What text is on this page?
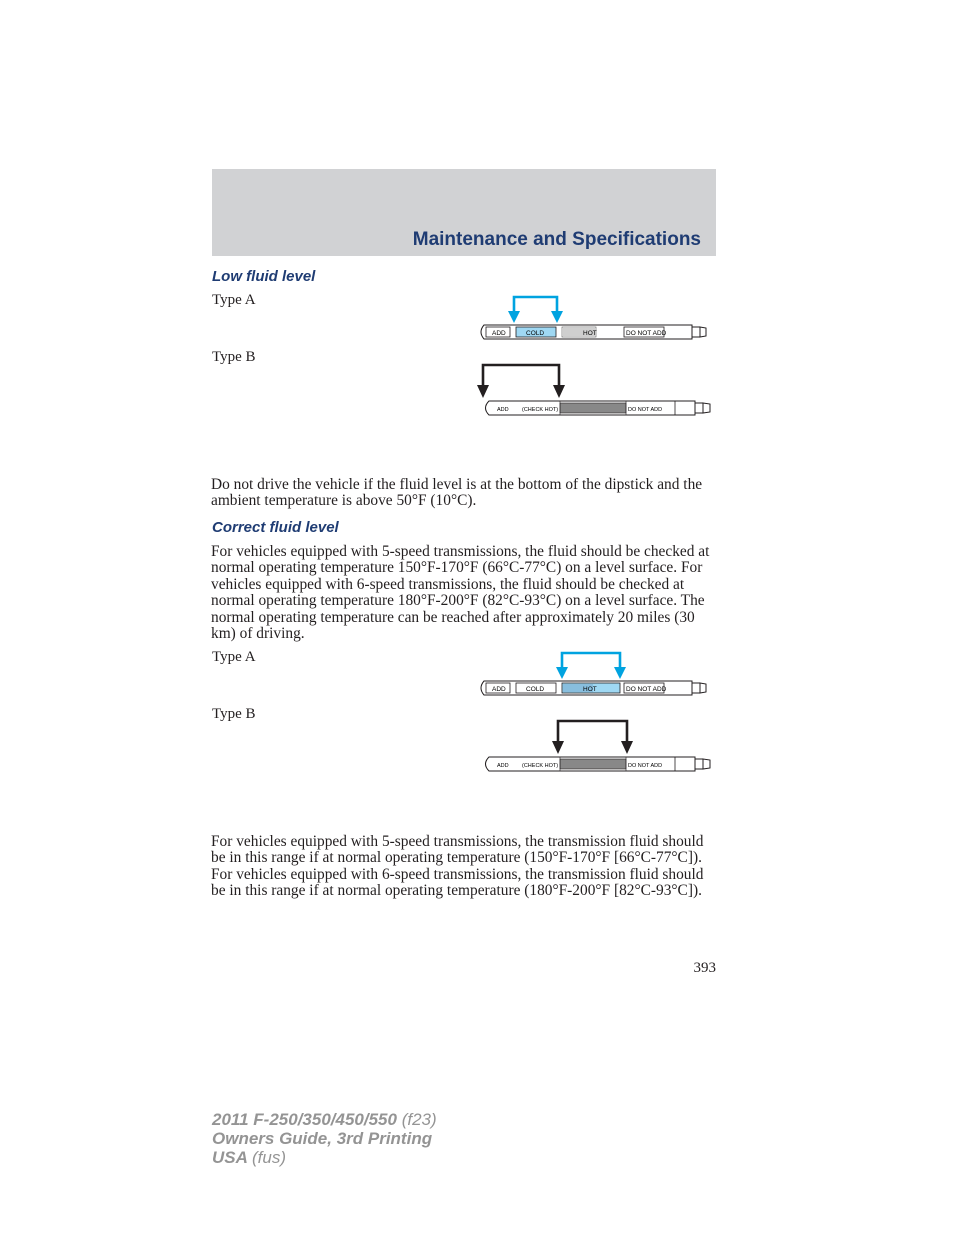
Maintenance and Specifications
Low fluid level

Type A

Type B

ADD	COLD	HOT	DO NOT ADD
ADD (CHECK HOT)	DO NOT ADD

Do not drive the vehicle if the fluid level is at the bottom of the dipstick and the ambient temperature is above 50°F (10°C).

Correct fluid level

For vehicles equipped with 5-speed transmissions, the fluid should be checked at normal operating temperature 150°F-170°F (66°C-77°C) on a level surface. For vehicles equipped with 6-speed transmissions, the fluid should be checked at normal operating temperature 180°F-200°F (82°C-93°C) on a level surface. The normal operating temperature can be reached after approximately 20 miles (30 km) of driving.

Type A

Type B

ADD	COLD	HOT	DO NOT ADD
ADD (CHECK HOT)	DO NOT ADD

For vehicles equipped with 5-speed transmissions, the transmission fluid should be in this range if at normal operating temperature (150°F-170°F [66°C-77°C]). For vehicles equipped with 6-speed transmissions, the transmission fluid should be in this range if at normal operating temperature (180°F-200°F [82°C-93°C]).

393

2011 F-250/350/450/550 (f23)
Owners Guide, 3rd Printing
USA (fus)
